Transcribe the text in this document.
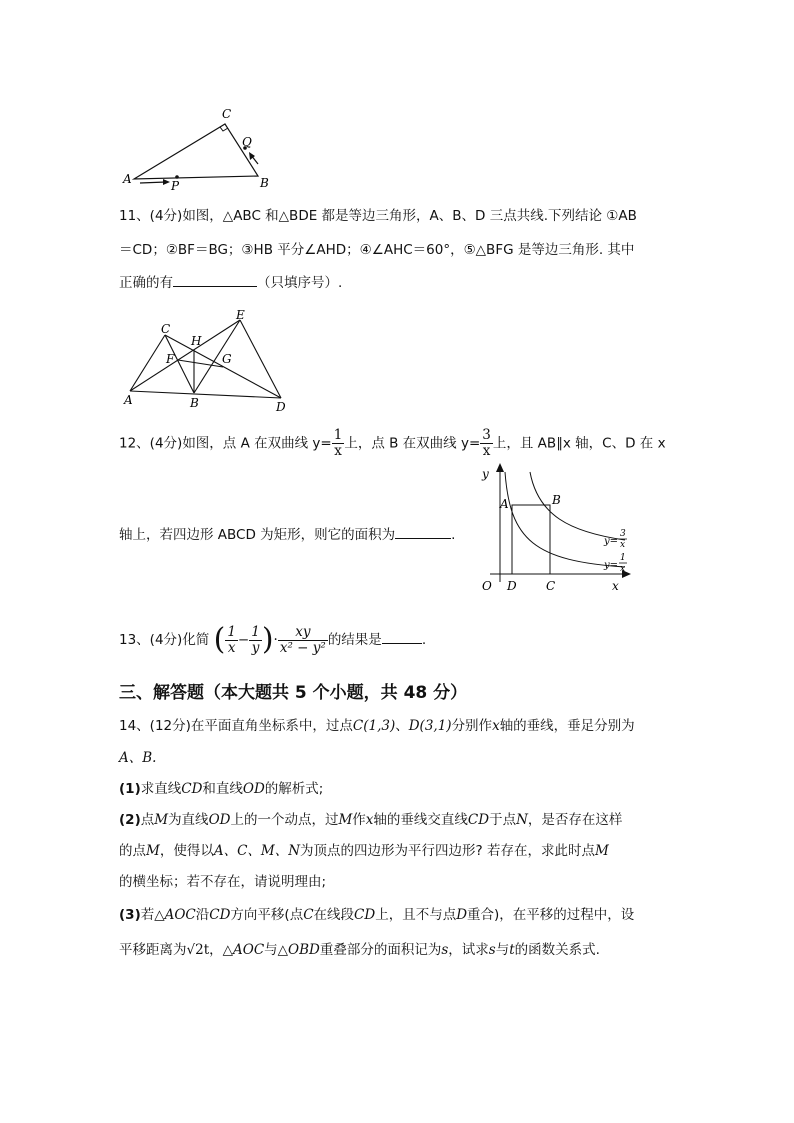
A	B
C
P
Q
11、(4分)如图，△ABC 和△BDE 都是等边三角形，A、B、D 三点共线.下列结论 ①AB
＝CD；②BF＝BG；③HB 平分∠AHD；④∠AHC＝60°，⑤△BFG 是等边三角形. 其中
正确的有	（只填序号）.
A	B
C
D
E
F	G
H
12、(4分)如图，点 A 在双曲线 $y= \frac{1}{x}$ 上，点 B 在双曲线 $y= \frac{3}{x}$ 上，且 AB∥x 轴，C、D 在 x
轴上，若四边形 ABCD 为矩形，则它的面积为	.
y
x
O
A	B
D C
y=
3
x
y=
1
x
13、(4分)化简 ( $\frac{1}{x} - \frac{1}{y}$ )· $\frac{xy}{\text{x² − y²}}$ 的结果是	.
三、解答题（本大题共 5 个小题，共 48 分）
14、(12分)在平面直角坐标系中，过点C(1,3)、D(3,1)分别作x轴的垂线，垂足分别为
A、B.
(1)求直线CD和直线OD的解析式;
(2)点M为直线OD上的一个动点，过M作x轴的垂线交直线CD于点N，是否存在这样
的点M，使得以A、C、M、N为顶点的四边形为平行四边形? 若存在，求此时点M
的横坐标；若不存在，请说明理由;
(3)若△AOC沿CD方向平移(点C在线段CD上，且不与点D重合)，在平移的过程中，设
平移距离为√2t，△AOC与△OBD重叠部分的面积记为s，试求s与t的函数关系式.
